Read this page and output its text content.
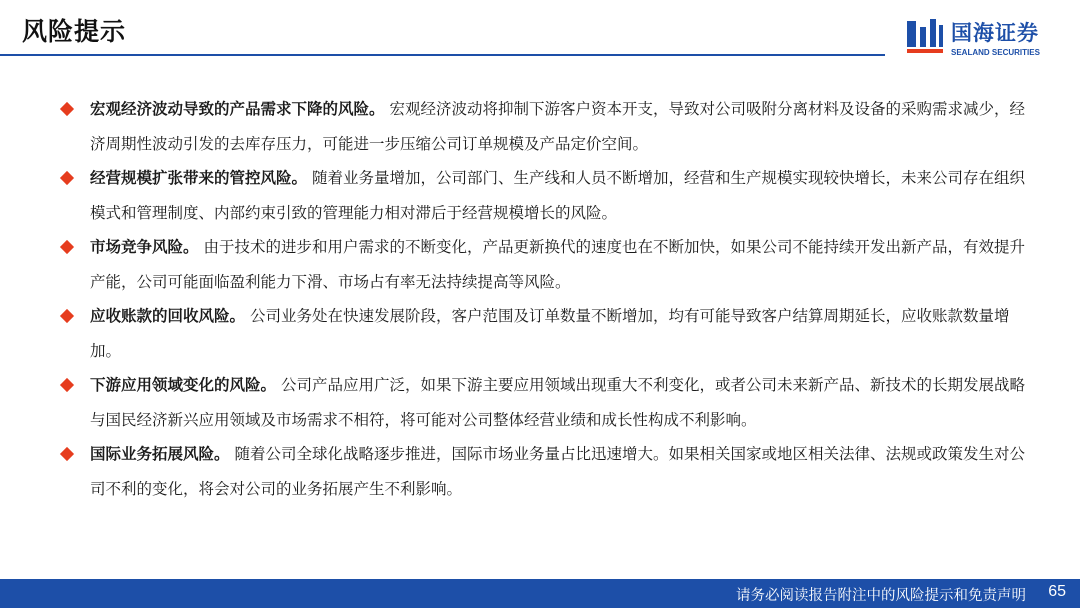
风险提示	国海证券
SEALAND SECURITIES
宏观经济波动导致的产品需求下降的风险。 宏观经济波动将抑制下游客户资本开支，导致对公司吸附分离材料及设备的采购需求减少，经济周期性波动引发的去库存压力，可能进一步压缩公司订单规模及产品定价空间。
经营规模扩张带来的管控风险。 随着业务量增加，公司部门、生产线和人员不断增加，经营和生产规模实现较快增长，未来公司存在组织模式和管理制度、内部约束引致的管理能力相对滞后于经营规模增长的风险。
市场竞争风险。 由于技术的进步和用户需求的不断变化，产品更新换代的速度也在不断加快，如果公司不能持续开发出新产品，有效提升产能，公司可能面临盈利能力下滑、市场占有率无法持续提高等风险。
应收账款的回收风险。 公司业务处在快速发展阶段，客户范围及订单数量不断增加，均有可能导致客户结算周期延长，应收账款数量增加。
下游应用领域变化的风险。 公司产品应用广泛，如果下游主要应用领域出现重大不利变化，或者公司未来新产品、新技术的长期发展战略与国民经济新兴应用领域及市场需求不相符，将可能对公司整体经营业绩和成长性构成不利影响。
国际业务拓展风险。 随着公司全球化战略逐步推进，国际市场业务量占比迅速增大。如果相关国家或地区相关法律、法规或政策发生对公司不利的变化，将会对公司的业务拓展产生不利影响。
请务必阅读报告附注中的风险提示和免责声明 65
